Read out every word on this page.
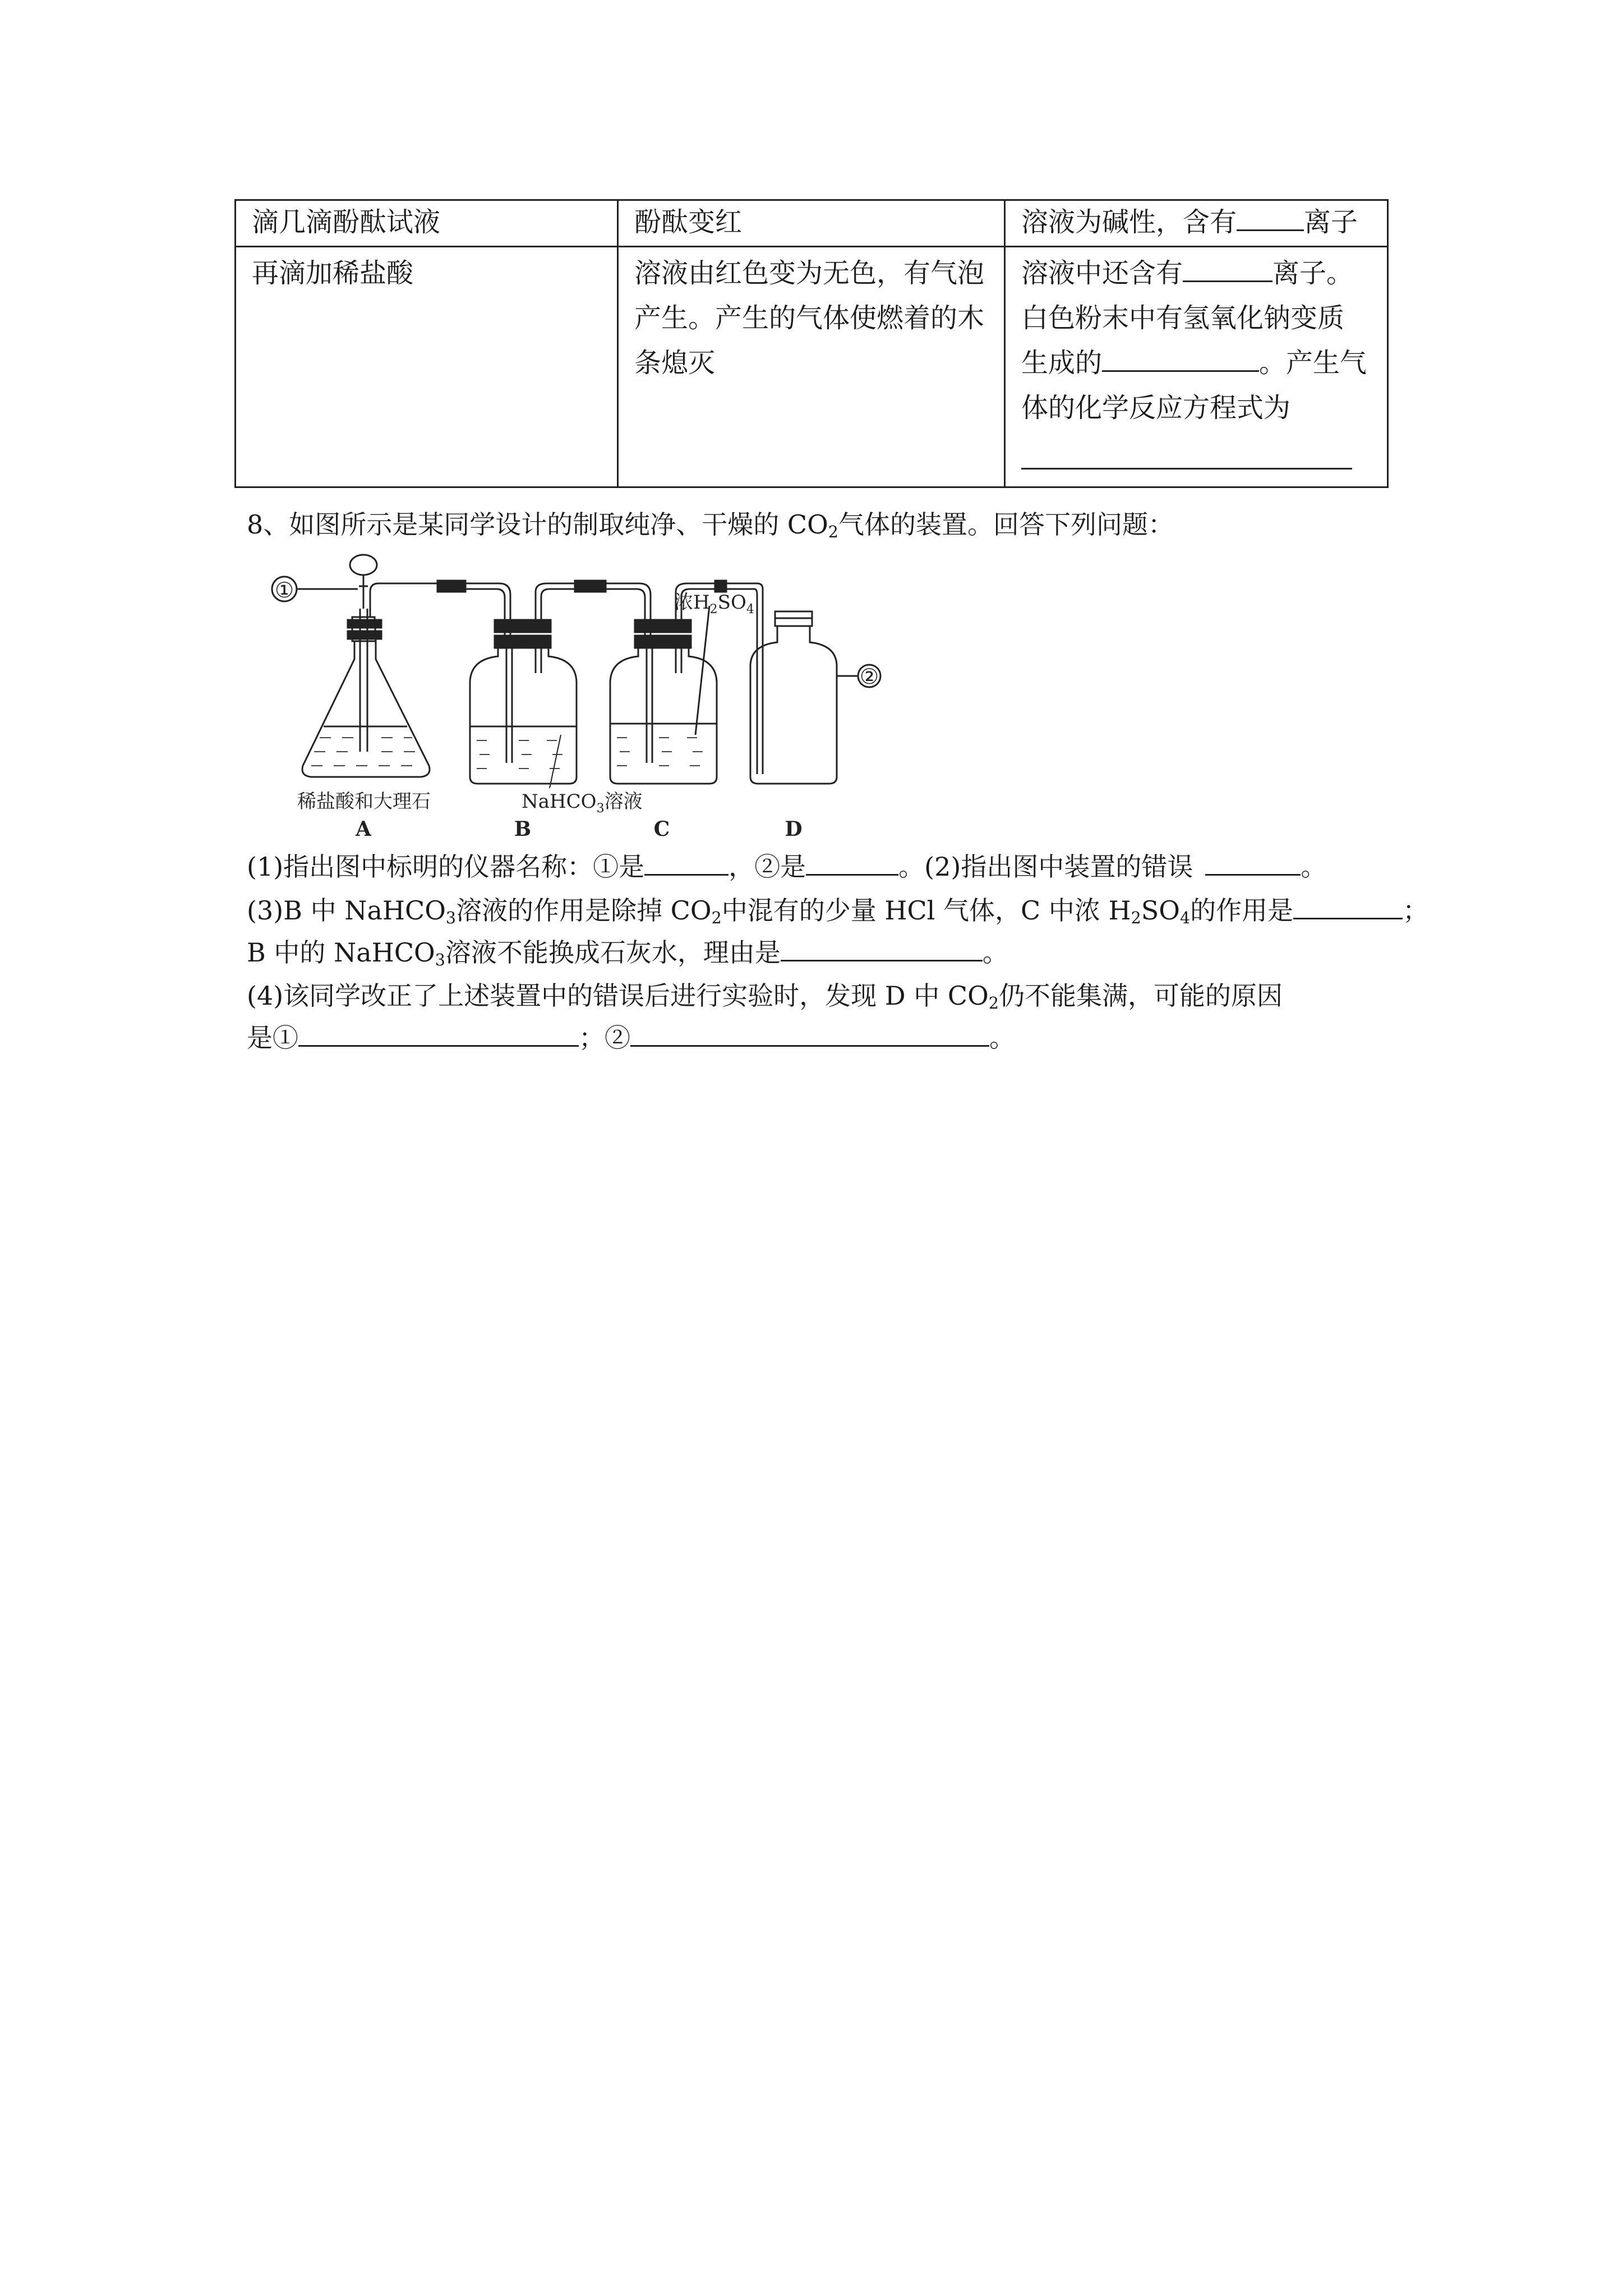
滴几滴酚酞试液	酚酞变红	溶液为碱性，含有 离子
再滴加稀盐酸	溶液由红色变为无色，有气泡产生。产生的气体使燃着的木条熄灭	溶液中还含有 离子。
白色粉末中有氢氧化钠变质
生成的 。产生气
体的化学反应方程式为
8、如图所示是某同学设计的制取纯净、干燥的 $CO_2$气体的装置。回答下列问题：
①
②
浓$H_2SO_4$
稀盐酸和大理石	NaHCO$_3$溶液
A	B	C	D
(1)指出图中标明的仪器名称：①是	，②是	。(2)指出图中装置的错误	。
(3)B 中 NaHCO$_3$溶液的作用是除掉 $CO_2$中混有的少量 HCl 气体，C 中浓 $H_2SO_4$的作用是	；
B 中的 NaHCO$_3$溶液不能换成石灰水，理由是	。
(4)该同学改正了上述装置中的错误后进行实验时，发现 D 中 $CO_2$仍不能集满，可能的原因
是①	；②	。
